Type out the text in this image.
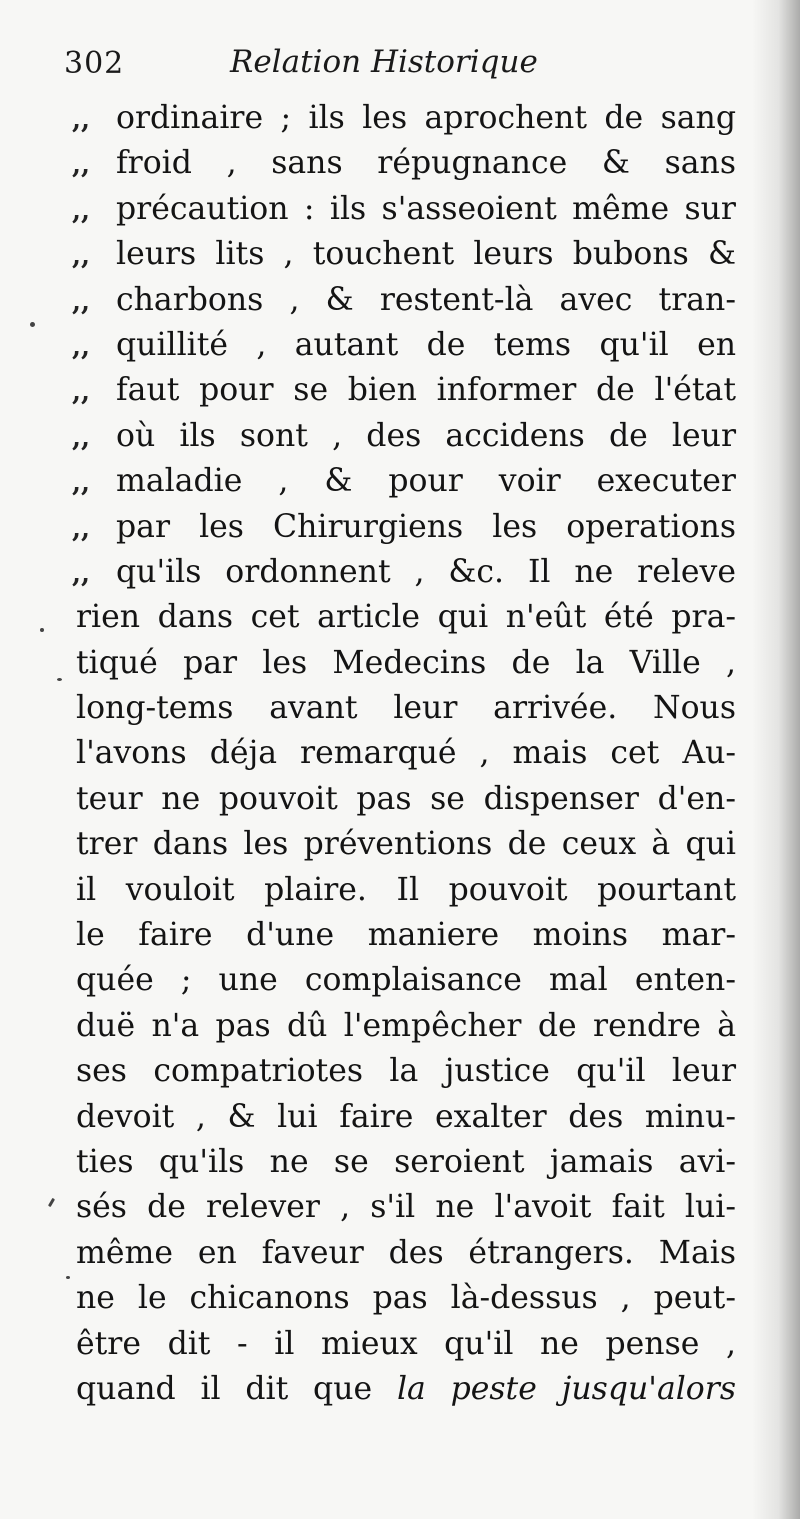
302	Relation Historique
,, ordinaire ; ils les aprochent de sang
,, froid , sans répugnance & sans
,, précaution : ils s'asseoient même sur
,, leurs lits , touchent leurs bubons &
,, charbons , & restent-là avec tran-
,, quillité , autant de tems qu'il en
,, faut pour se bien informer de l'état
,, où ils sont , des accidens de leur
,, maladie , & pour voir executer
,, par les Chirurgiens les operations
,, qu'ils ordonnent , &c. Il ne releve
rien dans cet article qui n'eût été pra-
tiqué par les Medecins de la Ville ,
long-tems avant leur arrivée. Nous
l'avons déja remarqué , mais cet Au-
teur ne pouvoit pas se dispenser d'en-
trer dans les préventions de ceux à qui
il vouloit plaire. Il pouvoit pourtant
le faire d'une maniere moins mar-
quée ; une complaisance mal enten-
duë n'a pas dû l'empêcher de rendre à
ses compatriotes la justice qu'il leur
devoit , & lui faire exalter des minu-
ties qu'ils ne se seroient jamais avi-
sés de relever , s'il ne l'avoit fait lui-
même en faveur des étrangers. Mais
ne le chicanons pas là-dessus , peut-
être dit - il mieux qu'il ne pense ,
quand il dit que la peste jusqu'alors
